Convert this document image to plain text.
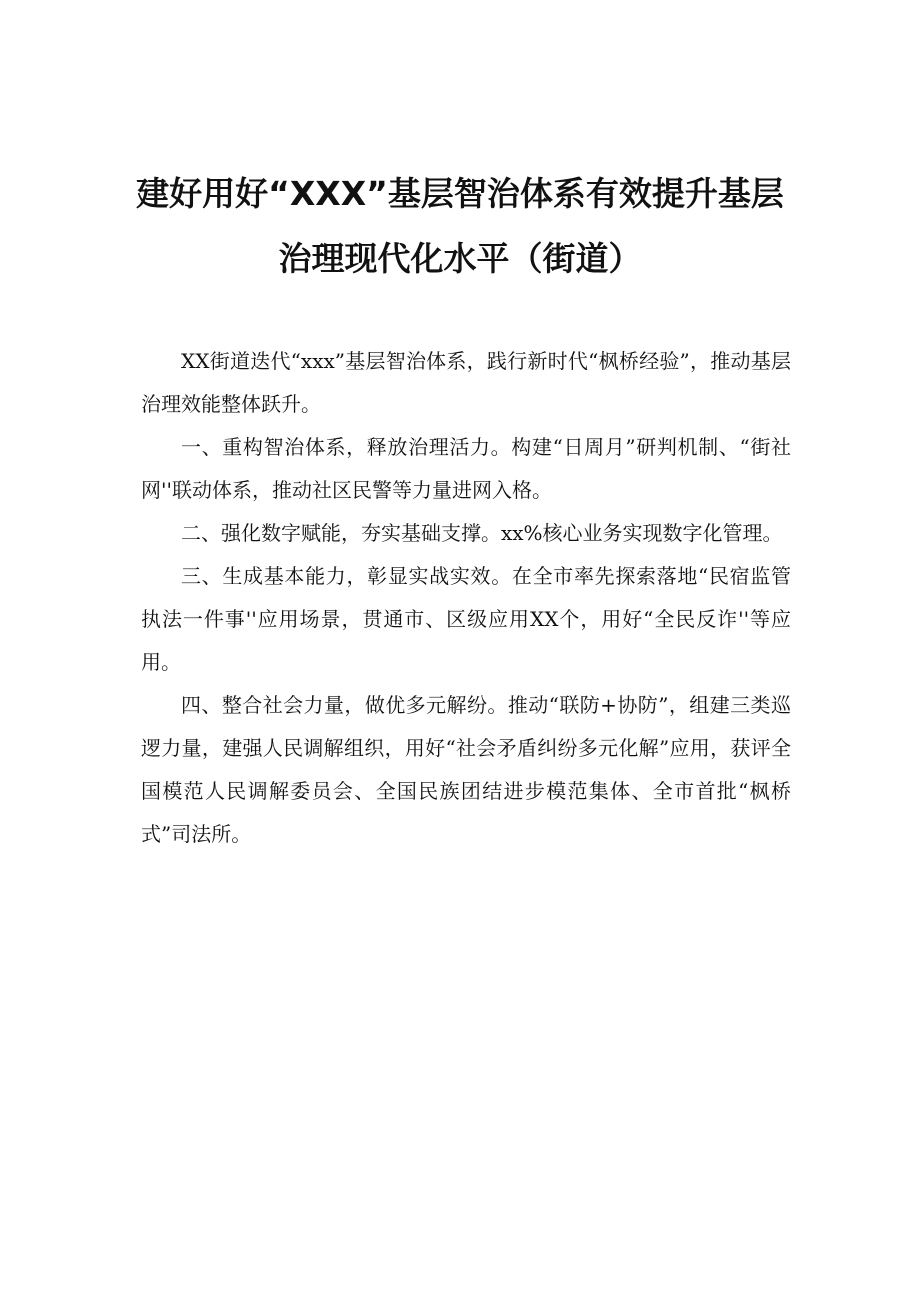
建好用好“XXX”基层智治体系有效提升基层
治理现代化水平（街道）

XX街道迭代“xxx”基层智治体系，践行新时代“枫桥经验”，推动基层治理效能整体跃升。

一、重构智治体系，释放治理活力。构建“日周月”研判机制、“街社网''联动体系，推动社区民警等力量进网入格。

二、强化数字赋能，夯实基础支撑。xx%核心业务实现数字化管理。

三、生成基本能力，彰显实战实效。在全市率先探索落地“民宿监管执法一件事''应用场景，贯通市、区级应用XX个，用好“全民反诈''等应用。

四、整合社会力量，做优多元解纷。推动“联防+协防”，组建三类巡逻力量，建强人民调解组织，用好“社会矛盾纠纷多元化解”应用，获评全国模范人民调解委员会、全国民族团结进步模范集体、全市首批“枫桥式”司法所。
